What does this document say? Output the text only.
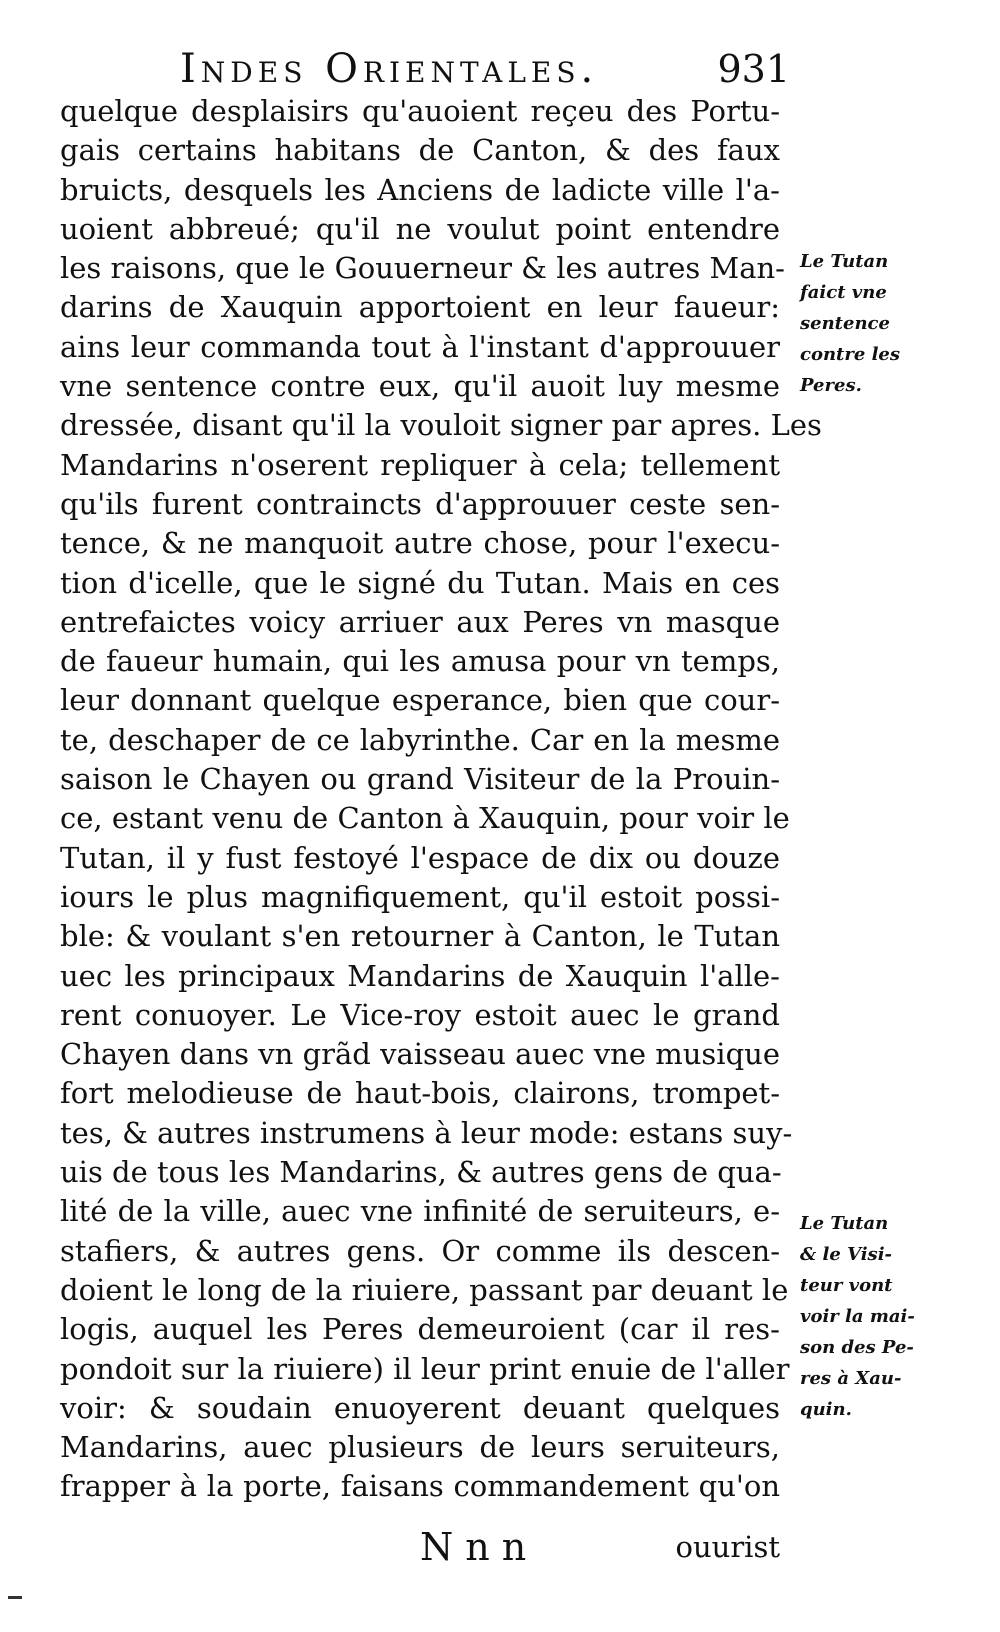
Indes Orientales.	931
quelque desplaisirs qu'auoient reçeu des Portu-
gais certains habitans de Canton, & des faux
bruicts, desquels les Anciens de ladicte ville l'a-
uoient abbreué; qu'il ne voulut point entendre
les raisons, que le Gouuerneur & les autres Man-
darins de Xauquin apportoient en leur faueur:
ains leur commanda tout à l'instant d'approuuer
vne sentence contre eux, qu'il auoit luy mesme
dressée, disant qu'il la vouloit signer par apres. Les
Mandarins n'oserent repliquer à cela; tellement
qu'ils furent contraincts d'approuuer ceste sen-
tence, & ne manquoit autre chose, pour l'execu-
tion d'icelle, que le signé du Tutan. Mais en ces
entrefaictes voicy arriuer aux Peres vn masque
de faueur humain, qui les amusa pour vn temps,
leur donnant quelque esperance, bien que cour-
te, deschaper de ce labyrinthe. Car en la mesme
saison le Chayen ou grand Visiteur de la Prouin-
ce, estant venu de Canton à Xauquin, pour voir le
Tutan, il y fust festoyé l'espace de dix ou douze
iours le plus magnifiquement, qu'il estoit possi-
ble: & voulant s'en retourner à Canton, le Tutan
uec les principaux Mandarins de Xauquin l'alle-
rent conuoyer. Le Vice-roy estoit auec le grand
Chayen dans vn grãd vaisseau auec vne musique
fort melodieuse de haut-bois, clairons, trompet-
tes, & autres instrumens à leur mode: estans suy-
uis de tous les Mandarins, & autres gens de qua-
lité de la ville, auec vne infinité de seruiteurs, e-
stafiers, & autres gens. Or comme ils descen-
doient le long de la riuiere, passant par deuant le
logis, auquel les Peres demeuroient (car il res-
pondoit sur la riuiere) il leur print enuie de l'aller
voir: & soudain enuoyerent deuant quelques
Mandarins, auec plusieurs de leurs seruiteurs,
frapper à la porte, faisans commandement qu'on
Nnn	ouurist
Le Tutan
faict vne
sentence
contre les
Peres.
Le Tutan
& le Visi-
teur vont
voir la mai-
son des Pe-
res à Xau-
quin.
